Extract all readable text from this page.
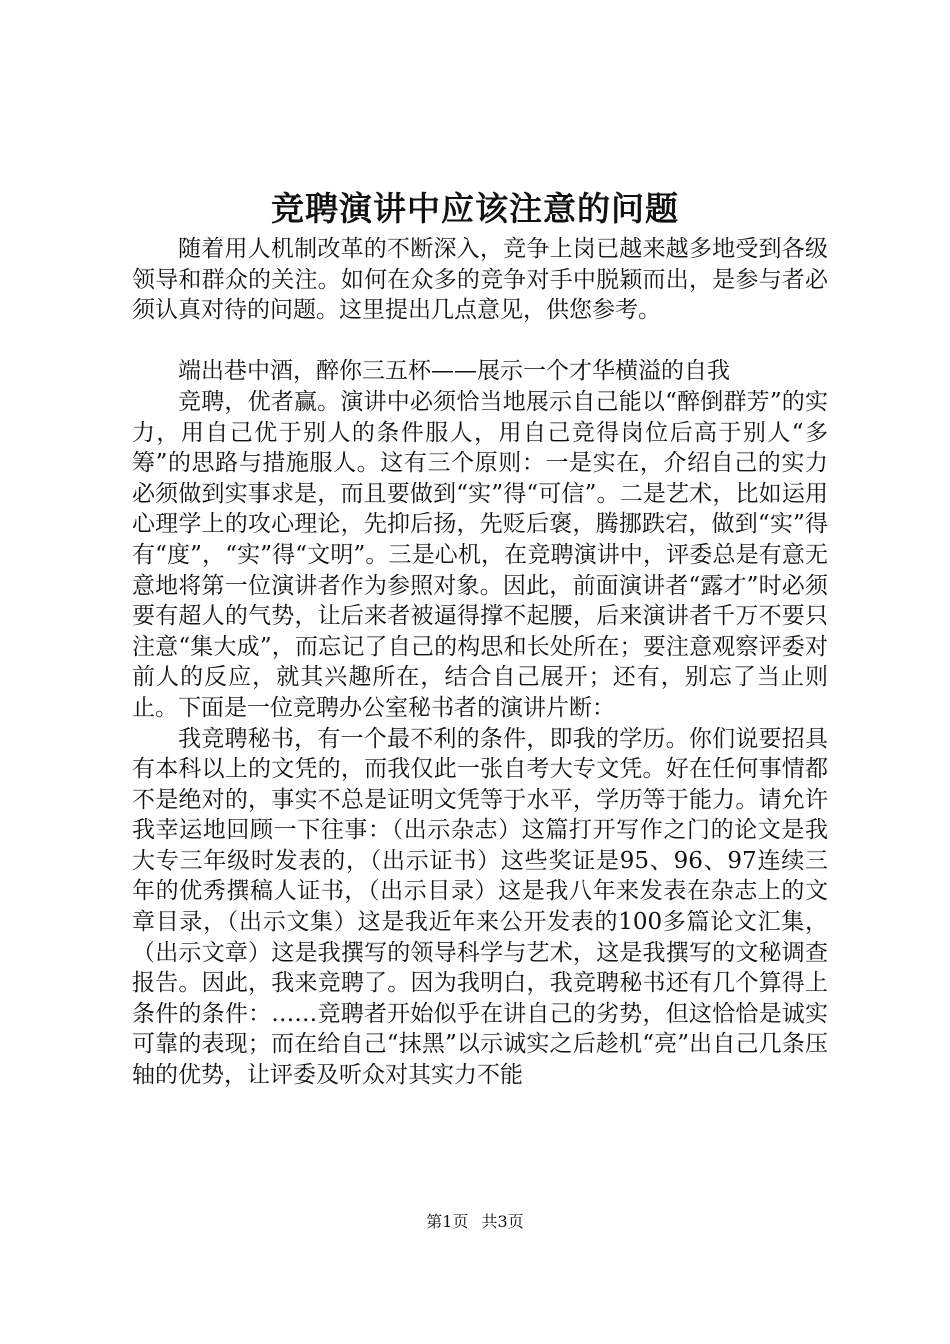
竞聘演讲中应该注意的问题

随着用人机制改革的不断深入，竞争上岗已越来越多地受到各级领导和群众的关注。如何在众多的竞争对手中脱颖而出，是参与者必须认真对待的问题。这里提出几点意见，供您参考。

端出巷中酒，醉你三五杯——展示一个才华横溢的自我

竞聘，优者赢。演讲中必须恰当地展示自己能以“醉倒群芳”的实力，用自己优于别人的条件服人，用自己竞得岗位后高于别人“多筹”的思路与措施服人。这有三个原则：一是实在，介绍自己的实力必须做到实事求是，而且要做到“实”得“可信”。二是艺术，比如运用心理学上的攻心理论，先抑后扬，先贬后褒，腾挪跌宕，做到“实”得有“度”，“实”得“文明”。三是心机，在竞聘演讲中，评委总是有意无意地将第一位演讲者作为参照对象。因此，前面演讲者“露才”时必须要有超人的气势，让后来者被逼得撑不起腰，后来演讲者千万不要只注意“集大成”，而忘记了自己的构思和长处所在；要注意观察评委对前人的反应，就其兴趣所在，结合自己展开；还有，别忘了当止则止。下面是一位竞聘办公室秘书者的演讲片断：

我竞聘秘书，有一个最不利的条件，即我的学历。你们说要招具有本科以上的文凭的，而我仅此一张自考大专文凭。好在任何事情都不是绝对的，事实不总是证明文凭等于水平，学历等于能力。请允许我幸运地回顾一下往事：（出示杂志）这篇打开写作之门的论文是我大专三年级时发表的，（出示证书）这些奖证是95、96、97连续三年的优秀撰稿人证书，（出示目录）这是我八年来发表在杂志上的文章目录，（出示文集）这是我近年来公开发表的100多篇论文汇集，（出示文章）这是我撰写的领导科学与艺术，这是我撰写的文秘调查报告。因此，我来竞聘了。因为我明白，我竞聘秘书还有几个算得上条件的条件：……竞聘者开始似乎在讲自己的劣势，但这恰恰是诚实可靠的表现；而在给自己“抹黑”以示诚实之后趁机“亮”出自己几条压轴的优势，让评委及听众对其实力不能

第1页 共3页
